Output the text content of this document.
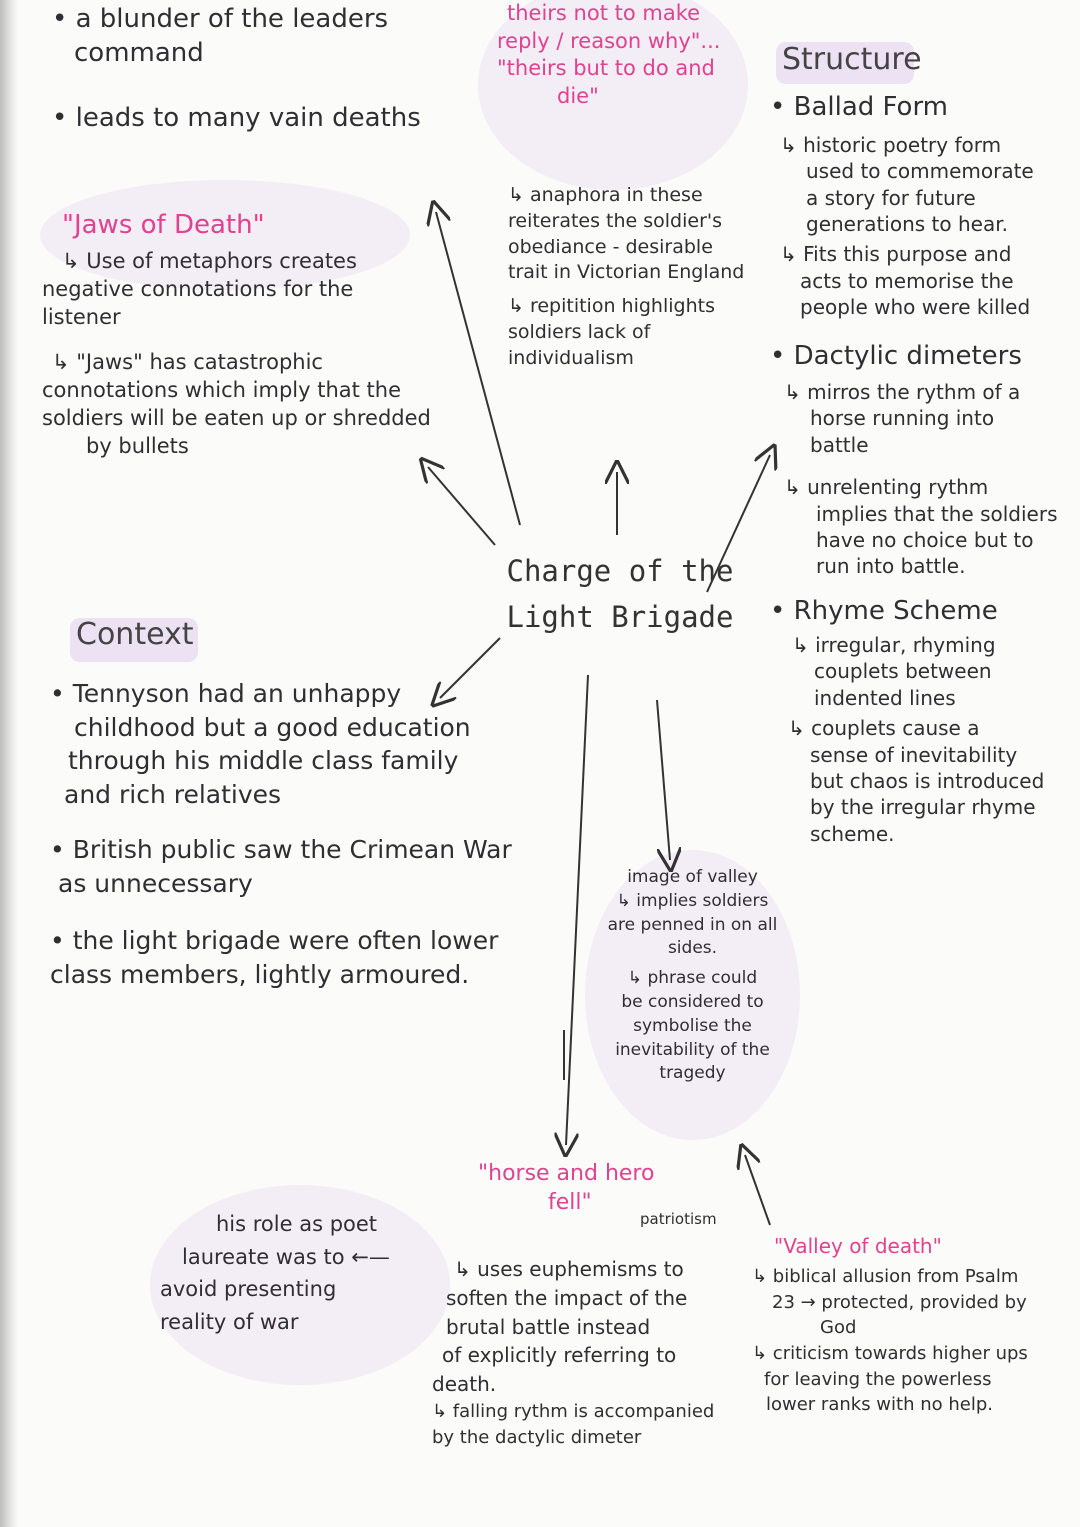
Charge of the
Light Brigade
• a blunder of the leaders
command
• leads to many vain deaths
"Jaws of Death"
↳ Use of metaphors creates
negative connotations for the
listener
↳ "Jaws" has catastrophic
connotations which imply that the
soldiers will be eaten up or shredded
by bullets
theirs not to make
reply / reason why"...
"theirs but to do and
die"
↳ anaphora in these
reiterates the soldier's
obediance - desirable
trait in Victorian England
↳ repitition highlights
soldiers lack of
individualism
Structure
• Ballad Form
↳ historic poetry form
used to commemorate
a story for future
generations to hear.
↳ Fits this purpose and
acts to memorise the
people who were killed
• Dactylic dimeters
↳ mirros the rythm of a
horse running into
battle
↳ unrelenting rythm
implies that the soldiers
have no choice but to
run into battle.
• Rhyme Scheme
↳ irregular, rhyming
couplets between
indented lines
↳ couplets cause a
sense of inevitability
but chaos is introduced
by the irregular rhyme
scheme.
Context
• Tennyson had an unhappy
childhood but a good education
through his middle class family
and rich relatives
• British public saw the Crimean War
as unnecessary
• the light brigade were often lower
class members, lightly armoured.
image of valley
↳ implies soldiers
are penned in on all
sides.
↳ phrase could
be considered to
symbolise the
inevitability of the
tragedy
"horse and hero
fell"
patriotism
↳ uses euphemisms to
soften the impact of the
brutal battle instead
of explicitly referring to
death.
↳ falling rythm is accompanied
by the dactylic dimeter
his role as poet
laureate was to ←—
avoid presenting
reality of war
"Valley of death"
↳ biblical allusion from Psalm
23 → protected, provided by
God
↳ criticism towards higher ups
for leaving the powerless
lower ranks with no help.
